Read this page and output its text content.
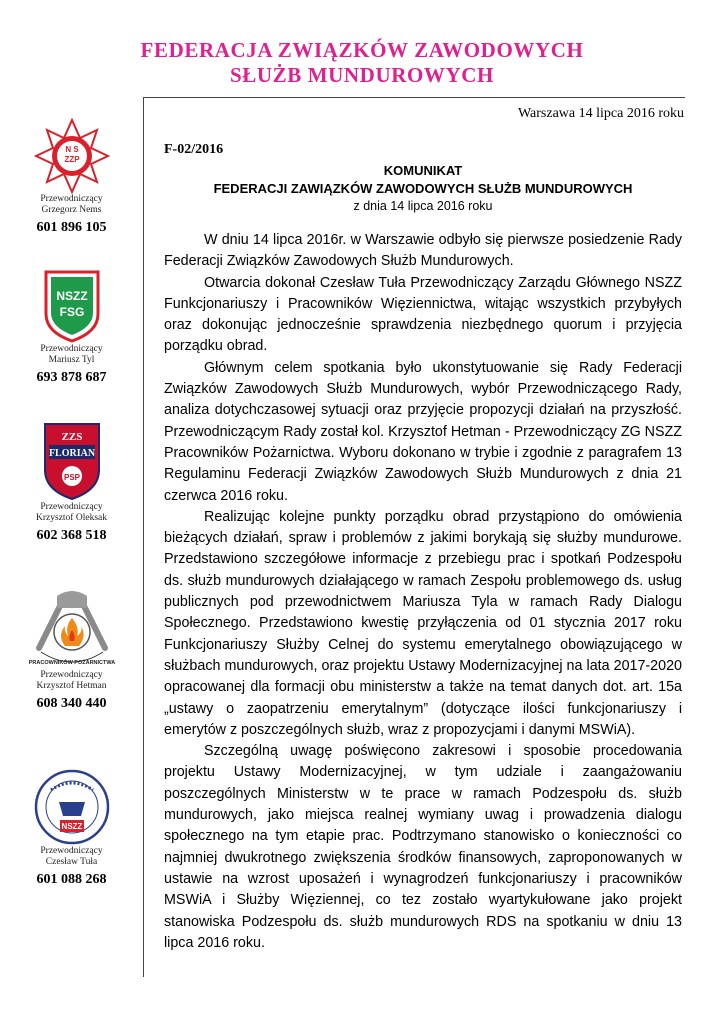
FEDERACJA ZWIĄZKÓW ZAWODOWYCH
SŁUŻB MUNDUROWYCH
Warszawa 14 lipca 2016 roku
N S
ZZP
Przewodniczący
Grzegorz Nems
601 896 105
NSZZ
FSG
Przewodniczący
Mariusz Tyl
693 878 687
ZZS
FLORIAN
PSP
Przewodniczący
Krzysztof Oleksak
602 368 518
PRACOWNIKÓW POŻARNICTWA
Przewodniczący
Krzysztof Hetman
608 340 440
NSZZ
Przewodniczący
Czesław Tuła
601 088 268
F-02/2016
KOMUNIKAT
FEDERACJI ZAWIĄZKÓW ZAWODOWYCH SŁUŻB MUNDUROWYCH
z dnia 14 lipca 2016 roku

W dniu 14 lipca 2016r. w Warszawie odbyło się pierwsze posiedzenie Rady Federacji Związków Zawodowych Służb Mundurowych.

Otwarcia dokonał Czesław Tuła Przewodniczący Zarządu Głównego NSZZ Funkcjonariuszy i Pracowników Więziennictwa, witając wszystkich przybyłych oraz dokonując jednocześnie sprawdzenia niezbędnego quorum i przyjęcia porządku obrad.

Głównym celem spotkania było ukonstytuowanie się Rady Federacji Związków Zawodowych Służb Mundurowych, wybór Przewodniczącego Rady, analiza dotychczasowej sytuacji oraz przyjęcie propozycji działań na przyszłość. Przewodniczącym Rady został kol. Krzysztof Hetman - Przewodniczący ZG NSZZ Pracowników Pożarnictwa. Wyboru dokonano w trybie i zgodnie z paragrafem 13 Regulaminu Federacji Związków Zawodowych Służb Mundurowych z dnia 21 czerwca 2016 roku.

Realizując kolejne punkty porządku obrad przystąpiono do omówienia bieżących działań, spraw i problemów z jakimi borykają się służby mundurowe. Przedstawiono szczegółowe informacje z przebiegu prac i spotkań Podzespołu ds. służb mundurowych działającego w ramach Zespołu problemowego ds. usług publicznych pod przewodnictwem Mariusza Tyla w ramach Rady Dialogu Społecznego. Przedstawiono kwestię przyłączenia od 01 stycznia 2017 roku Funkcjonariuszy Służby Celnej do systemu emerytalnego obowiązującego w służbach mundurowych, oraz projektu Ustawy Modernizacyjnej na lata 2017-2020 opracowanej dla formacji obu ministerstw a także na temat danych dot. art. 15a „ustawy o zaopatrzeniu emerytalnym” (dotyczące ilości funkcjonariuszy i emerytów z poszczególnych służb, wraz z propozycjami i danymi MSWiA).

Szczególną uwagę poświęcono zakresowi i sposobie procedowania projektu Ustawy Modernizacyjnej, w tym udziale i zaangażowaniu poszczególnych Ministerstw w te prace w ramach Podzespołu ds. służb mundurowych, jako miejsca realnej wymiany uwag i prowadzenia dialogu społecznego na tym etapie prac. Podtrzymano stanowisko o konieczności co najmniej dwukrotnego zwiększenia środków finansowych, zaproponowanych w ustawie na wzrost uposażeń i wynagrodzeń funkcjonariuszy i pracowników MSWiA i Służby Więziennej, co tez zostało wyartykułowane jako projekt stanowiska Podzespołu ds. służb mundurowych RDS na spotkaniu w dniu 13 lipca 2016 roku.
